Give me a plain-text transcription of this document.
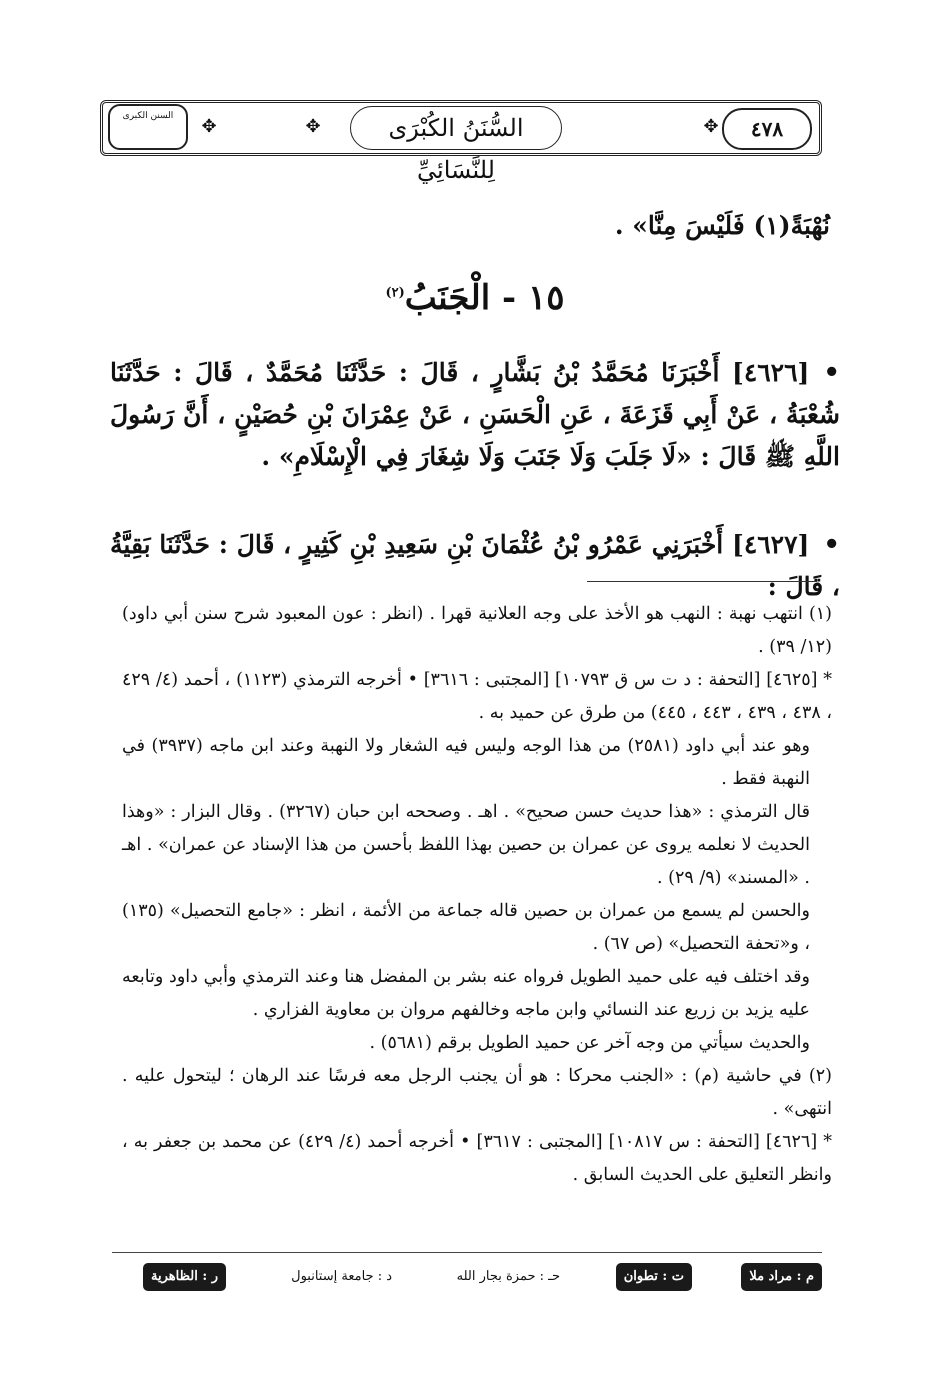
السنن الكبرى	✥	✥	السُّنَنُ الكُبْرَى لِلنَّسَائِيِّ
✥	٤٧٨
نُهْبَةً(١) فَلَيْسَ مِنَّا» .
١٥ - الْجَنَبُ$^{(٢)}$
• [٤٦٢٦] أَخْبَرَنَا مُحَمَّدُ بْنُ بَشَّارٍ ، قَالَ : حَدَّثَنَا مُحَمَّدٌ ، قَالَ : حَدَّثَنَا شُعْبَةُ ، عَنْ أَبِي قَزَعَةَ ، عَنِ الْحَسَنِ ، عَنْ عِمْرَانَ بْنِ حُصَيْنٍ ، أَنَّ رَسُولَ اللَّهِ ﷺ قَالَ : «لَا جَلَبَ وَلَا جَنَبَ وَلَا شِغَارَ فِي الْإِسْلَامِ» .
• [٤٦٢٧] أَخْبَرَنِي عَمْرُو بْنُ عُثْمَانَ بْنِ سَعِيدِ بْنِ كَثِيرٍ ، قَالَ : حَدَّثَنَا بَقِيَّةُ ، قَالَ :

(١) انتهب نهبة : النهب هو الأخذ على وجه العلانية قهرا . (انظر : عون المعبود شرح سنن أبي داود) (١٢/ ٣٩) .

* [٤٦٢٥] [التحفة : د ت س ق ١٠٧٩٣] [المجتبى : ٣٦١٦] • أخرجه الترمذي (١١٢٣) ، أحمد (٤/ ٤٢٩ ، ٤٣٨ ، ٤٣٩ ، ٤٤٣ ، ٤٤٥) من طرق عن حميد به .

وهو عند أبي داود (٢٥٨١) من هذا الوجه وليس فيه الشغار ولا النهبة وعند ابن ماجه (٣٩٣٧) في النهبة فقط .

قال الترمذي : «هذا حديث حسن صحيح» . اهـ . وصححه ابن حبان (٣٢٦٧) . وقال البزار : «وهذا الحديث لا نعلمه يروى عن عمران بن حصين بهذا اللفظ بأحسن من هذا الإسناد عن عمران» . اهـ . «المسند» (٩/ ٢٩) .

والحسن لم يسمع من عمران بن حصين قاله جماعة من الأئمة ، انظر : «جامع التحصيل» (١٣٥) ، و«تحفة التحصيل» (ص ٦٧) .

وقد اختلف فيه على حميد الطويل فرواه عنه بشر بن المفضل هنا وعند الترمذي وأبي داود وتابعه عليه يزيد بن زريع عند النسائي وابن ماجه وخالفهم مروان بن معاوية الفزاري .

والحديث سيأتي من وجه آخر عن حميد الطويل برقم (٥٦٨١) .

(٢) في حاشية (م) : «الجنب محركا : هو أن يجنب الرجل معه فرسًا عند الرهان ؛ ليتحول عليه . انتهى» .

* [٤٦٢٦] [التحفة : س ١٠٨١٧] [المجتبى : ٣٦١٧] • أخرجه أحمد (٤/ ٤٢٩) عن محمد بن جعفر به ، وانظر التعليق على الحديث السابق .

م : مراد ملا
ت : تطوان
حـ : حمزة بجار الله
د : جامعة إستانبول
ر : الظاهرية
